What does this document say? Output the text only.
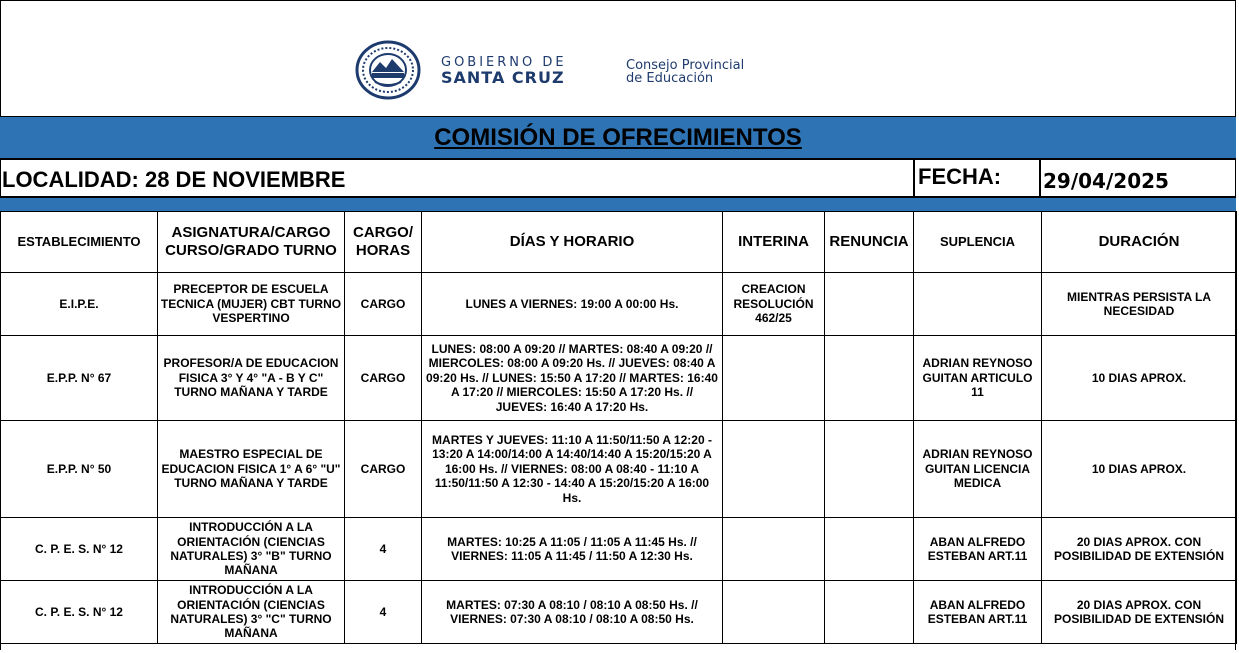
GOBIERNO DE
SANTA CRUZ
Consejo Provincial
de Educación
COMISIÓN DE OFRECIMIENTOS
LOCALIDAD: 28 DE NOVIEMBRE	FECHA: 29/04/2025
ESTABLECIMIENTO	ASIGNATURA/CARGO CURSO/GRADO TURNO	CARGO/ HORAS	DÍAS Y HORARIO	INTERINA	RENUNCIA	SUPLENCIA	DURACIÓN
E.I.P.E.	PRECEPTOR DE ESCUELA TECNICA (MUJER) CBT TURNO VESPERTINO	CARGO	LUNES A VIERNES: 19:00 A 00:00 Hs.	CREACION RESOLUCIÓN 462/25			MIENTRAS PERSISTA LA NECESIDAD
E.P.P. N° 67	PROFESOR/A DE EDUCACION FISICA 3° Y 4° "A - B Y C" TURNO MAÑANA Y TARDE	CARGO	LUNES: 08:00 A 09:20 // MARTES: 08:40 A 09:20 // MIERCOLES: 08:00 A 09:20 Hs. // JUEVES: 08:40 A 09:20 Hs. // LUNES: 15:50 A 17:20 // MARTES: 16:40 A 17:20 // MIERCOLES: 15:50 A 17:20 Hs. // JUEVES: 16:40 A 17:20 Hs.			ADRIAN REYNOSO GUITAN ARTICULO 11	10 DIAS APROX.
E.P.P. N° 50	MAESTRO ESPECIAL DE EDUCACION FISICA 1° A 6° "U" TURNO MAÑANA Y TARDE	CARGO	MARTES Y JUEVES: 11:10 A 11:50/11:50 A 12:20 - 13:20 A 14:00/14:00 A 14:40/14:40 A 15:20/15:20 A 16:00 Hs. // VIERNES: 08:00 A 08:40 - 11:10 A 11:50/11:50 A 12:30 - 14:40 A 15:20/15:20 A 16:00 Hs.			ADRIAN REYNOSO GUITAN LICENCIA MEDICA	10 DIAS APROX.
C. P. E. S. N° 12	INTRODUCCIÓN A LA ORIENTACIÓN (CIENCIAS NATURALES) 3° "B" TURNO MAÑANA	4	MARTES: 10:25 A 11:05 / 11:05 A 11:45 Hs. // VIERNES: 11:05 A 11:45 / 11:50 A 12:30 Hs.			ABAN ALFREDO ESTEBAN ART.11	20 DIAS APROX. CON POSIBILIDAD DE EXTENSIÓN
C. P. E. S. N° 12	INTRODUCCIÓN A LA ORIENTACIÓN (CIENCIAS NATURALES) 3° "C" TURNO MAÑANA	4	MARTES: 07:30 A 08:10 / 08:10 A 08:50 Hs. // VIERNES: 07:30 A 08:10 / 08:10 A 08:50 Hs.			ABAN ALFREDO ESTEBAN ART.11	20 DIAS APROX. CON POSIBILIDAD DE EXTENSIÓN
